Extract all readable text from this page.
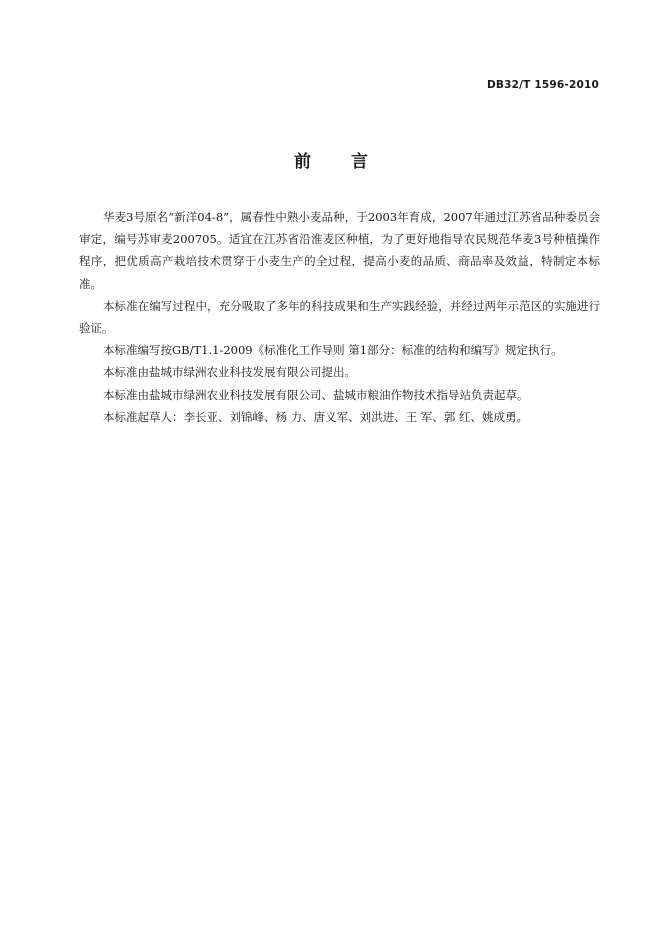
DB32/T 1596-2010
前 言

华麦3号原名“新洋04-8”，属春性中熟小麦品种，于2003年育成，2007年通过江苏省品种委员会审定，编号苏审麦200705。适宜在江苏省沿淮麦区种植，为了更好地指导农民规范华麦3号种植操作程序，把优质高产栽培技术贯穿于小麦生产的全过程，提高小麦的品质、商品率及效益，特制定本标准。

本标准在编写过程中，充分吸取了多年的科技成果和生产实践经验，并经过两年示范区的实施进行验证。

本标准编写按GB/T1.1-2009《标准化工作导则 第1部分：标准的结构和编写》规定执行。

本标准由盐城市绿洲农业科技发展有限公司提出。

本标准由盐城市绿洲农业科技发展有限公司、盐城市粮油作物技术指导站负责起草。

本标准起草人：李长亚、刘锦峰、杨 力、唐义军、刘洪进、王 军、郭 红、姚成勇。
